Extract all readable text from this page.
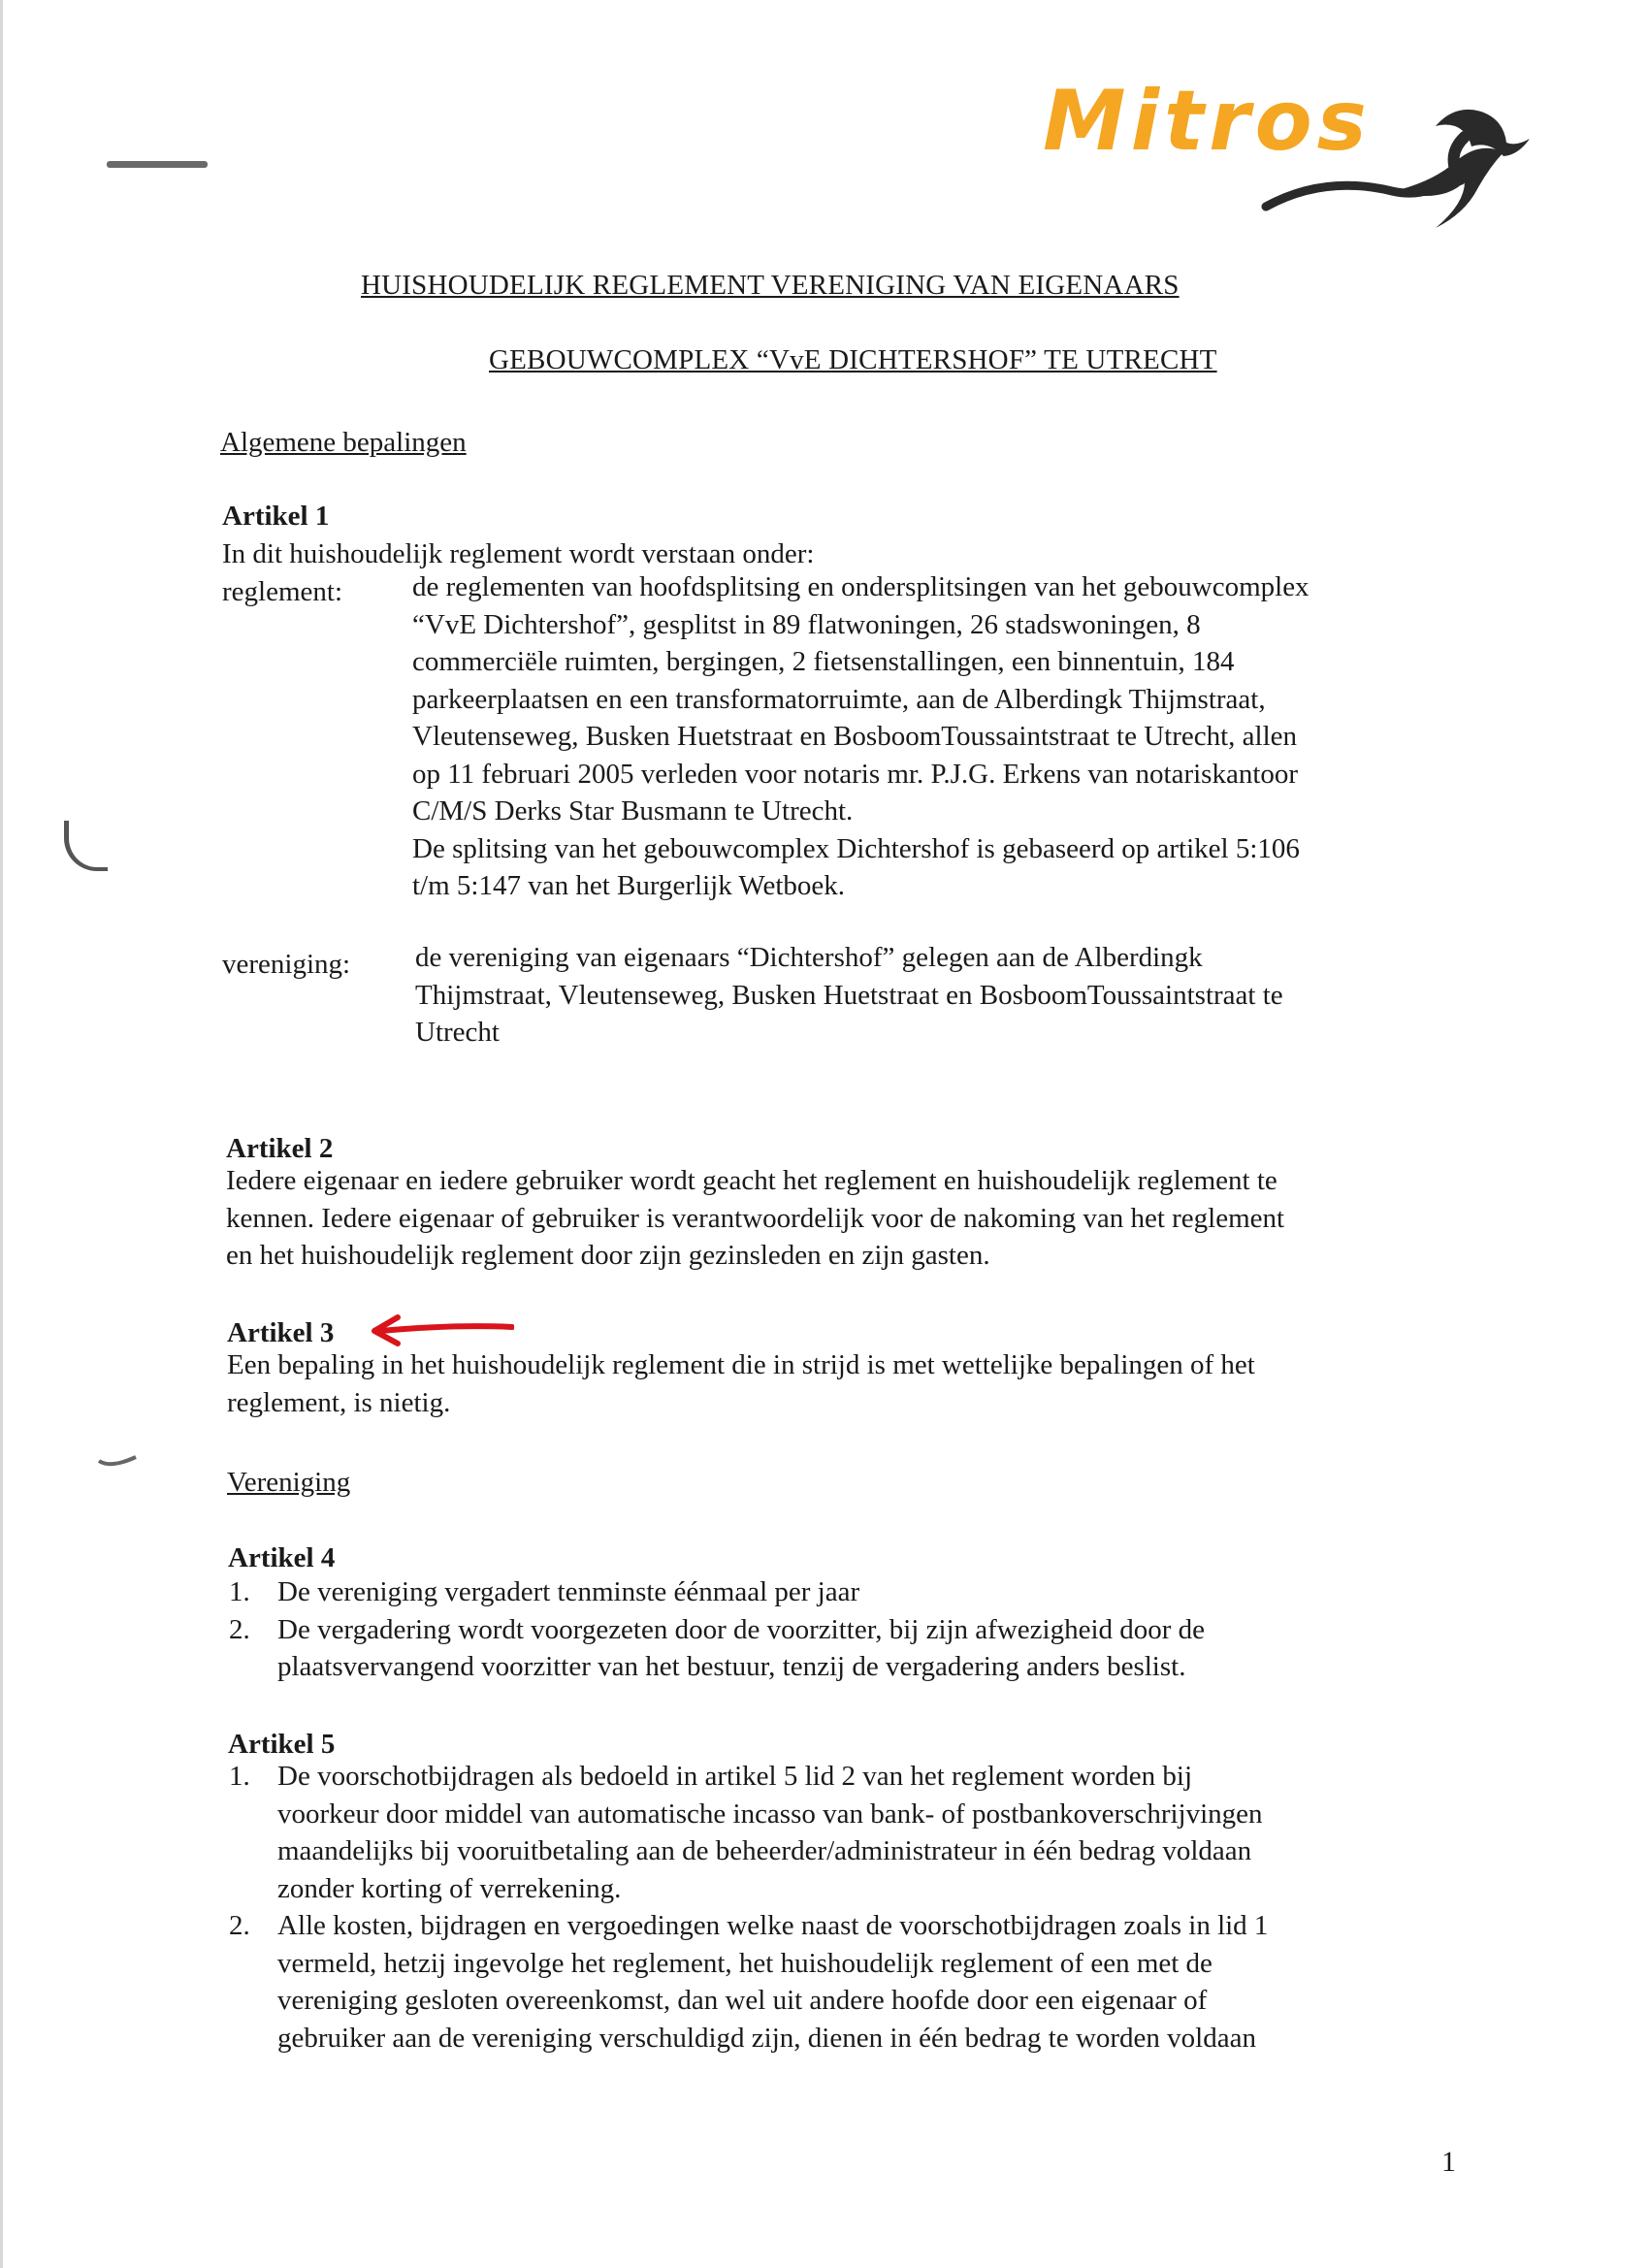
Mitros
HUISHOUDELIJK REGLEMENT VERENIGING VAN EIGENAARS
GEBOUWCOMPLEX “VvE DICHTERSHOF” TE UTRECHT
Algemene bepalingen
Artikel 1
In dit huishoudelijk reglement wordt verstaan onder:
reglement: de reglementen van hoofdsplitsing en ondersplitsingen van het gebouwcomplex
“VvE Dichtershof”, gesplitst in 89 flatwoningen, 26 stadswoningen, 8
commerciële ruimten, bergingen, 2 fietsenstallingen, een binnentuin, 184
parkeerplaatsen en een transformatorruimte, aan de Alberdingk Thijmstraat,
Vleutenseweg, Busken Huetstraat en BosboomToussaintstraat te Utrecht, allen
op 11 februari 2005 verleden voor notaris mr. P.J.G. Erkens van notariskantoor
C/M/S Derks Star Busmann te Utrecht.
De splitsing van het gebouwcomplex Dichtershof is gebaseerd op artikel 5:106
t/m 5:147 van het Burgerlijk Wetboek.
vereniging: de vereniging van eigenaars “Dichtershof” gelegen aan de Alberdingk
Thijmstraat, Vleutenseweg, Busken Huetstraat en BosboomToussaintstraat te
Utrecht
Artikel 2
Iedere eigenaar en iedere gebruiker wordt geacht het reglement en huishoudelijk reglement te
kennen. Iedere eigenaar of gebruiker is verantwoordelijk voor de nakoming van het reglement
en het huishoudelijk reglement door zijn gezinsleden en zijn gasten.
Artikel 3
Een bepaling in het huishoudelijk reglement die in strijd is met wettelijke bepalingen of het
reglement, is nietig.
Vereniging
Artikel 4
1. De vereniging vergadert tenminste éénmaal per jaar
2. De vergadering wordt voorgezeten door de voorzitter, bij zijn afwezigheid door de
plaatsvervangend voorzitter van het bestuur, tenzij de vergadering anders beslist.
Artikel 5
1. De voorschotbijdragen als bedoeld in artikel 5 lid 2 van het reglement worden bij
voorkeur door middel van automatische incasso van bank- of postbankoverschrijvingen
maandelijks bij vooruitbetaling aan de beheerder/administrateur in één bedrag voldaan
zonder korting of verrekening.
2. Alle kosten, bijdragen en vergoedingen welke naast de voorschotbijdragen zoals in lid 1
vermeld, hetzij ingevolge het reglement, het huishoudelijk reglement of een met de
vereniging gesloten overeenkomst, dan wel uit andere hoofde door een eigenaar of
gebruiker aan de vereniging verschuldigd zijn, dienen in één bedrag te worden voldaan
1
